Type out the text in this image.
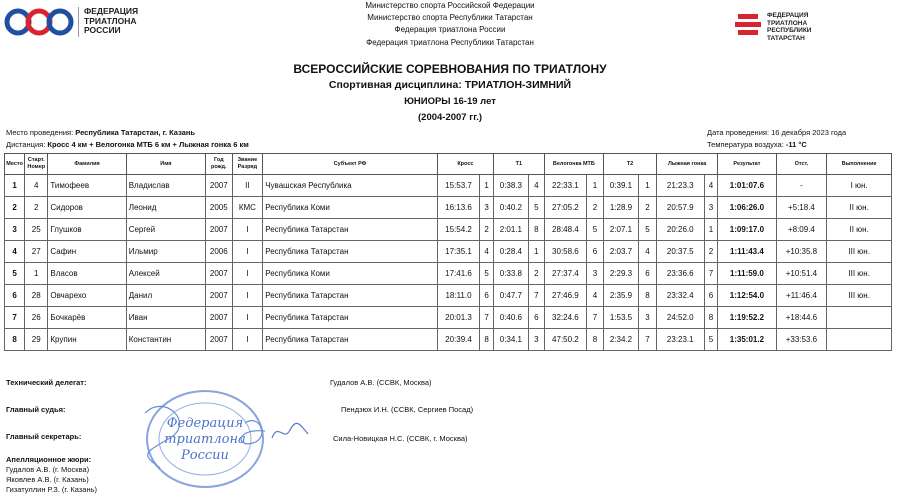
ФЕДЕРАЦИЯ
ТРИАТЛОНА
РОССИИ
Министерство спорта Российской Федерации
Министерство спорта Республики Татарстан
Федерация триатлона России
Федерация триатлона Республики Татарстан
ФЕДЕРАЦИЯ
ТРИАТЛОНА
РЕСПУБЛИКИ
ТАТАРСТАН
ВСЕРОССИЙСКИЕ СОРЕВНОВАНИЯ ПО ТРИАТЛОНУ
Спортивная дисциплина: ТРИАТЛОН-ЗИМНИЙ
ЮНИОРЫ 16-19 лет
(2004-2007 гг.)
Место проведения: Республика Татарстан, г. Казань
Дистанция: Кросс 4 км + Велогонка МТБ 6 км + Лыжная гонка 6 км
Дата проведения: 16 декабря 2023 года
Температура воздуха: -11 °C
Место	Старт. Номер	Фамилия	Имя	Год рожд.	Звание Разряд	Субъект РФ	Кросс		Т1		Велогонка МТБ		Т2		Лыжная гонка		Результат	Отст.	Выполнение
1	4	Тимофеев	Владислав	2007	II	Чувашская Республика	15:53.7	1	0:38.3	4	22:33.1	1	0:39.1	1	21:23.3	4	1:01:07.6	-	I юн.
2	2	Сидоров	Леонид	2005	КМС	Республика Коми	16:13.6	3	0:40.2	5	27:05.2	2	1:28.9	2	20:57.9	3	1:06:26.0	+5:18.4	II юн.
3	25	Глушков	Сергей	2007	I	Республика Татарстан	15:54.2	2	2:01.1	8	28:48.4	5	2:07.1	5	20:26.0	1	1:09:17.0	+8:09.4	II юн.
4	27	Сафин	Ильмир	2006	I	Республика Татарстан	17:35.1	4	0:28.4	1	30:58.6	6	2:03.7	4	20:37.5	2	1:11:43.4	+10:35.8	III юн.
5	1	Власов	Алексей	2007	I	Республика Коми	17:41.6	5	0:33.8	2	27:37.4	3	2:29.3	6	23:36.6	7	1:11:59.0	+10:51.4	III юн.
6	28	Овчарехо	Данил	2007	I	Республика Татарстан	18:11.0	6	0:47.7	7	27:46.9	4	2:35.9	8	23:32.4	6	1:12:54.0	+11:46.4	III юн.
7	26	Бочкарёв	Иван	2007	I	Республика Татарстан	20:01.3	7	0:40.6	6	32:24.6	7	1:53.5	3	24:52.0	8	1:19:52.2	+18:44.6	
8	29	Крупин	Константин	2007	I	Республика Татарстан	20:39.4	8	0:34.1	3	47:50.2	8	2:34.2	7	23:23.1	5	1:35:01.2	+33:53.6	
Технический делегат:	Гудалов А.В. (ССВК, Москва)
Главный судья:	Пендзюх И.Н. (ССВК, Сергиев Посад)
Главный секретарь:	Сила-Новицкая Н.С. (ССВК, г. Москва)
Апелляционное жюри:
Гудалов А.В. (г. Москва)
Яковлев А.В. (г. Казань)
Гизатуллин Р.З. (г. Казань)
Федерация
триатлона
России
